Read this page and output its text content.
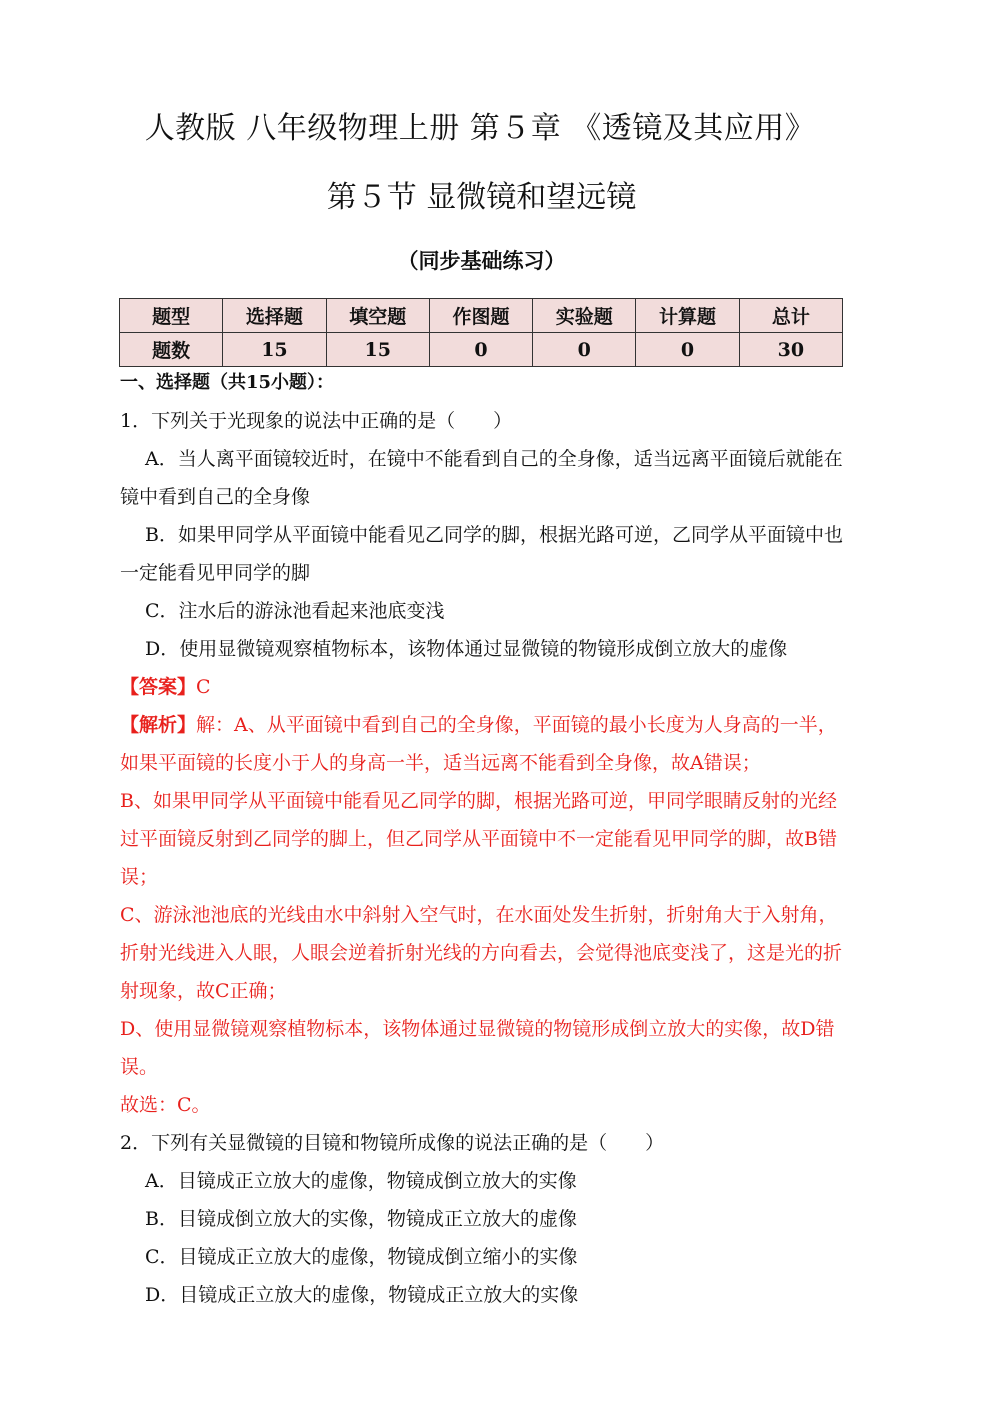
人教版 八年级物理上册 第５章 《透镜及其应用》
第５节 显微镜和望远镜
（同步基础练习）
题型	选择题	填空题	作图题	实验题	计算题	总计
题数	15	15	0	0	0	30
一、选择题（共15小题）：
1．下列关于光现象的说法中正确的是（　　）
A．当人离平面镜较近时，在镜中不能看到自己的全身像，适当远离平面镜后就能在镜中看到自己的全身像
B．如果甲同学从平面镜中能看见乙同学的脚，根据光路可逆，乙同学从平面镜中也一定能看见甲同学的脚
C．注水后的游泳池看起来池底变浅
D．使用显微镜观察植物标本，该物体通过显微镜的物镜形成倒立放大的虚像
【答案】C
【解析】解：A、从平面镜中看到自己的全身像，平面镜的最小长度为人身高的一半，如果平面镜的长度小于人的身高一半，适当远离不能看到全身像，故A错误；
B、如果甲同学从平面镜中能看见乙同学的脚，根据光路可逆，甲同学眼睛反射的光经过平面镜反射到乙同学的脚上，但乙同学从平面镜中不一定能看见甲同学的脚，故B错误；
C、游泳池池底的光线由水中斜射入空气时，在水面处发生折射，折射角大于入射角，折射光线进入人眼，人眼会逆着折射光线的方向看去，会觉得池底变浅了，这是光的折射现象，故C正确；
D、使用显微镜观察植物标本，该物体通过显微镜的物镜形成倒立放大的实像，故D错误。
故选：C。
2．下列有关显微镜的目镜和物镜所成像的说法正确的是（　　）
A．目镜成正立放大的虚像，物镜成倒立放大的实像
B．目镜成倒立放大的实像，物镜成正立放大的虚像
C．目镜成正立放大的虚像，物镜成倒立缩小的实像
D．目镜成正立放大的虚像，物镜成正立放大的实像
